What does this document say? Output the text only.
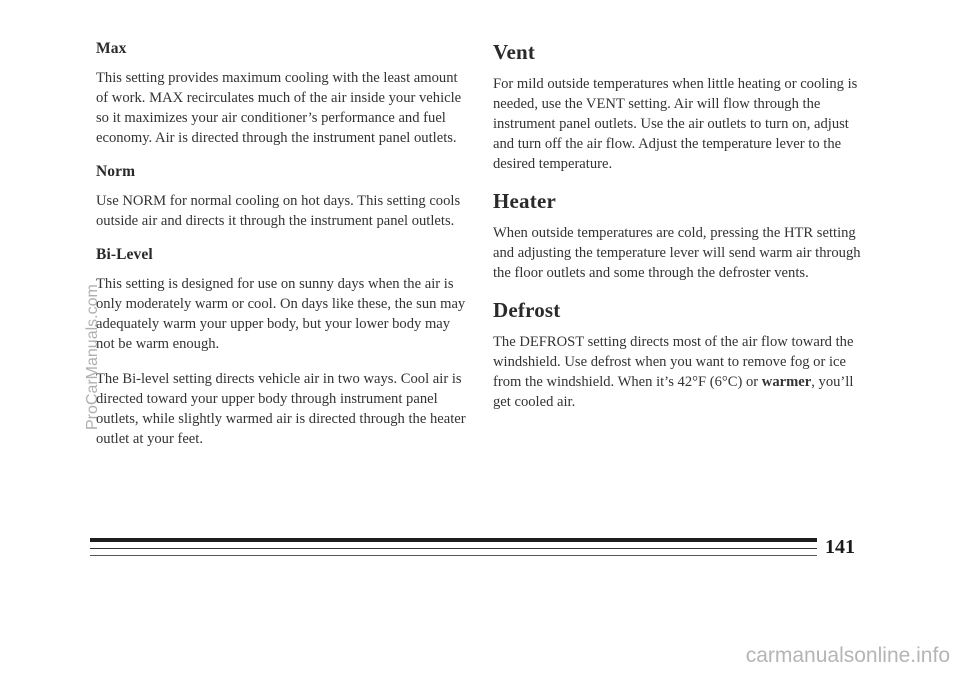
Max

This setting provides maximum cooling with the least amount of work. MAX recirculates much of the air inside your vehicle so it maximizes your air conditioner’s performance and fuel economy. Air is directed through the instrument panel outlets.

Norm

Use NORM for normal cooling on hot days. This setting cools outside air and directs it through the instrument panel outlets.

Bi-Level

This setting is designed for use on sunny days when the air is only moderately warm or cool. On days like these, the sun may adequately warm your upper body, but your lower body may not be warm enough.

The Bi-level setting directs vehicle air in two ways. Cool air is directed toward your upper body through instrument panel outlets, while slightly warmed air is directed through the heater outlet at your feet.

Vent

For mild outside temperatures when little heating or cooling is needed, use the VENT setting. Air will flow through the instrument panel outlets. Use the air outlets to turn on, adjust and turn off the air flow. Adjust the temperature lever to the desired temperature.

Heater

When outside temperatures are cold, pressing the HTR setting and adjusting the temperature lever will send warm air through the floor outlets and some through the defroster vents.

Defrost

The DEFROST setting directs most of the air flow toward the windshield. Use defrost when you want to remove fog or ice from the windshield. When it’s 42°F (6°C) or warmer, you’ll get cooled air.

141
ProCarManuals.com
carmanualsonline.info
